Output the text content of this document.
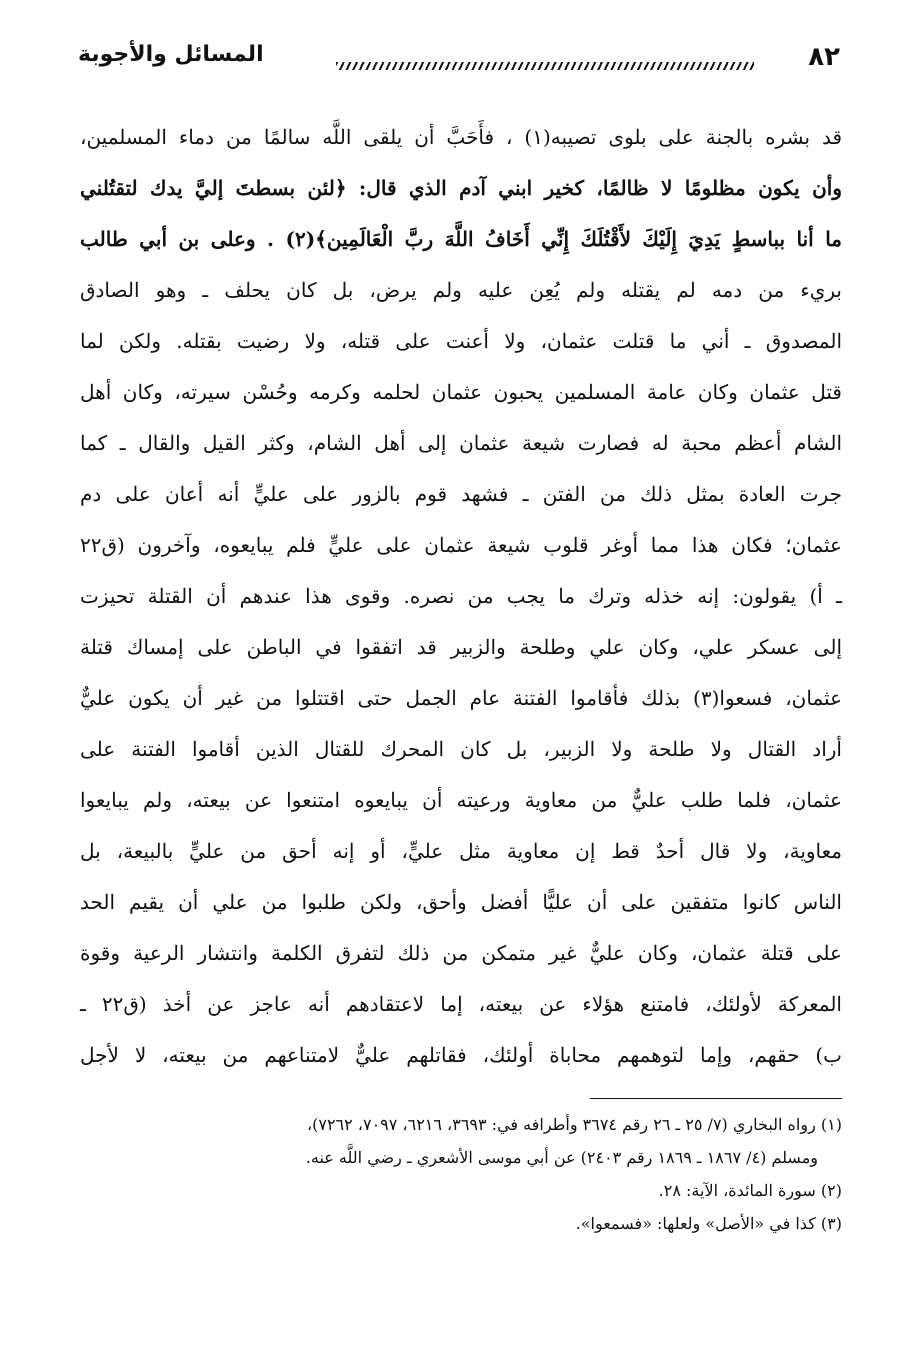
٨٢
المسائل والأجوبة
قد بشره بالجنة على بلوى تصيبه(١) ، فأَحَبَّ أن يلقى اللَّه سالمًا من دماء المسلمين،
وأن يكون مظلومًا لا ظالمًا، كخير ابني آدم الذي قال: ﴿لئن بسطتَ إليَّ يدك لتقتُلني
ما أنا بباسطٍ يَدِيَ إِلَيْكَ لأَقْتُلَكَ إِنِّي أَخَافُ اللَّهَ ربَّ الْعَالَمِين﴾(٢) . وعلى بن أبي طالب
بريء من دمه لم يقتله ولم يُعِن عليه ولم يرض، بل كان يحلف ـ وهو الصادق
المصدوق ـ أني ما قتلت عثمان، ولا أعنت على قتله، ولا رضيت بقتله. ولكن لما
قتل عثمان وكان عامة المسلمين يحبون عثمان لحلمه وكرمه وحُسْن سيرته، وكان أهل
الشام أعظم محبة له فصارت شيعة عثمان إلى أهل الشام، وكثر القيل والقال ـ كما
جرت العادة بمثل ذلك من الفتن ـ فشهد قوم بالزور على عليٍّ أنه أعان على دم
عثمان؛ فكان هذا مما أوغر قلوب شيعة عثمان على عليٍّ فلم يبايعوه، وآخرون (ق٢٢
ـ أ) يقولون: إنه خذله وترك ما يجب من نصره. وقوى هذا عندهم أن القتلة تحيزت
إلى عسكر علي، وكان علي وطلحة والزبير قد اتفقوا في الباطن على إمساك قتلة
عثمان، فسعوا(٣) بذلك فأقاموا الفتنة عام الجمل حتى اقتتلوا من غير أن يكون عليٌّ
أراد القتال ولا طلحة ولا الزبير، بل كان المحرك للقتال الذين أقاموا الفتنة على
عثمان، فلما طلب عليٌّ من معاوية ورعيته أن يبايعوه امتنعوا عن بيعته، ولم يبايعوا
معاوية، ولا قال أحدٌ قط إن معاوية مثل عليٍّ، أو إنه أحق من عليٍّ بالبيعة، بل
الناس كانوا متفقين على أن عليًّا أفضل وأحق، ولكن طلبوا من علي أن يقيم الحد
على قتلة عثمان، وكان عليٌّ غير متمكن من ذلك لتفرق الكلمة وانتشار الرعية وقوة
المعركة لأولئك، فامتنع هؤلاء عن بيعته، إما لاعتقادهم أنه عاجز عن أخذ (ق٢٢ ـ
ب) حقهم، وإما لتوهمهم محاباة أولئك، فقاتلهم عليٌّ لامتناعهم من بيعته، لا لأجل
(١) رواه البخاري (٧/ ٢٥ ـ ٢٦ رقم ٣٦٧٤ وأطرافه في: ٣٦٩٣، ٦٢١٦، ٧٠٩٧، ٧٢٦٢)،
ومسلم (٤/ ١٨٦٧ ـ ١٨٦٩ رقم ٢٤٠٣) عن أبي موسى الأشعري ـ رضي اللَّه عنه.
(٢) سورة المائدة، الآية: ٢٨.
(٣) كذا في «الأصل» ولعلها: «فسمعوا».
